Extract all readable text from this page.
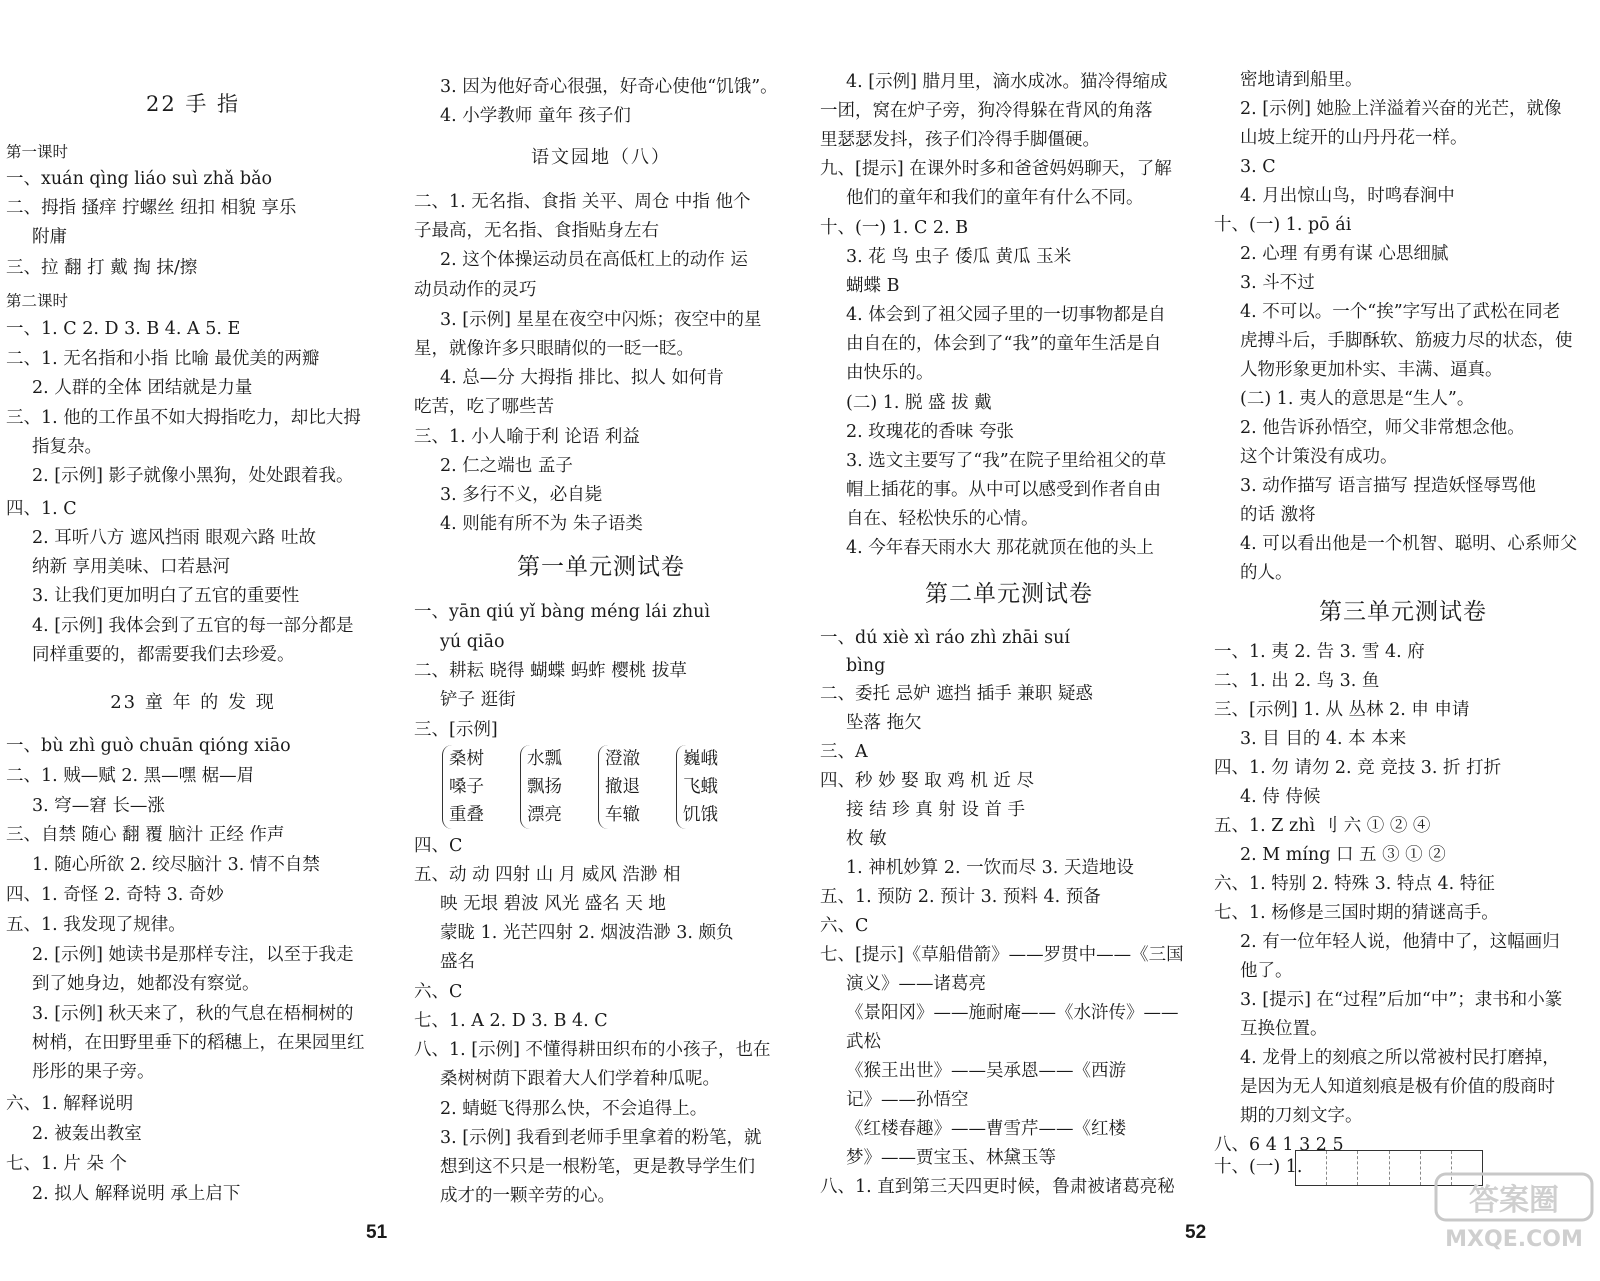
22 手 指
第一课时
一、xuán qìng liáo suì zhǎ bǎo
二、拇指 搔痒 拧螺丝 纽扣 相貌 享乐
附庸
三、拉 翻 打 戴 掏 抹/擦
第二课时
一、1. C 2. D 3. B 4. A 5. E
二、1. 无名指和小指 比喻 最优美的两瓣
2. 人群的全体 团结就是力量
三、1. 他的工作虽不如大拇指吃力，却比大拇
指复杂。
2. [示例] 影子就像小黑狗，处处跟着我。
四、1. C
2. 耳听八方 遮风挡雨 眼观六路 吐故
纳新 享用美味、口若悬河
3. 让我们更加明白了五官的重要性
4. [示例] 我体会到了五官的每一部分都是
同样重要的，都需要我们去珍爱。
23 童 年 的 发 现
一、bù zhì guò chuān qióng xiāo
二、1. 贼—赋 2. 黑—嘿 椐—眉
3. 穹—窘 长—涨
三、自禁 随心 翻 覆 脑汁 正经 作声
1. 随心所欲 2. 绞尽脑汁 3. 情不自禁
四、1. 奇怪 2. 奇特 3. 奇妙
五、1. 我发现了规律。
2. [示例] 她读书是那样专注，以至于我走
到了她身边，她都没有察觉。
3. [示例] 秋天来了，秋的气息在梧桐树的
树梢，在田野里垂下的稻穗上，在果园里红
彤彤的果子旁。
六、1. 解释说明
2. 被轰出教室
七、1. 片 朵 个
2. 拟人 解释说明 承上启下
桑树
嗓子
重叠
水瓢
飘扬
漂亮
澄澈
撤退
车辙
巍峨
飞蛾
饥饿
3. 因为他好奇心很强，好奇心使他“饥饿”。
4. 小学教师 童年 孩子们
语文园地（八）
二、1. 无名指、食指 关平、周仓 中指 他个
子最高，无名指、食指贴身左右
2. 这个体操运动员在高低杠上的动作 运
动员动作的灵巧
3. [示例] 星星在夜空中闪烁；夜空中的星
星，就像许多只眼睛似的一眨一眨。
4. 总—分 大拇指 排比、拟人 如何肯
吃苦，吃了哪些苦
三、1. 小人喻于利 论语 利益
2. 仁之端也 孟子
3. 多行不义，必自毙
4. 则能有所不为 朱子语类
第一单元测试卷
一、yān qiú yǐ bàng méng lái zhuì
yú qiāo
二、耕耘 晓得 蝴蝶 蚂蚱 樱桃 拔草
铲子 逛街
三、[示例]
四、C
五、动 动 四射 山 月 威风 浩渺 相
映 无垠 碧波 风光 盛名 天 地
蒙眬 1. 光芒四射 2. 烟波浩渺 3. 颇负
盛名
六、C
七、1. A 2. D 3. B 4. C
八、1. [示例] 不懂得耕田织布的小孩子，也在
桑树树荫下跟着大人们学着种瓜呢。
2. 蜻蜓飞得那么快，不会追得上。
3. [示例] 我看到老师手里拿着的粉笔，就
想到这不只是一根粉笔，更是教导学生们
成才的一颗辛劳的心。
4. [示例] 腊月里，滴水成冰。猫冷得缩成
一团，窝在炉子旁，狗冷得躲在背风的角落
里瑟瑟发抖，孩子们冷得手脚僵硬。
九、[提示] 在课外时多和爸爸妈妈聊天，了解
他们的童年和我们的童年有什么不同。
十、(一) 1. C 2. B
3. 花 鸟 虫子 倭瓜 黄瓜 玉米
蝴蝶 B
4. 体会到了祖父园子里的一切事物都是自
由自在的，体会到了“我”的童年生活是自
由快乐的。
(二) 1. 脱 盛 拔 戴
2. 玫瑰花的香味 夸张
3. 选文主要写了“我”在院子里给祖父的草
帽上插花的事。从中可以感受到作者自由
自在、轻松快乐的心情。
4. 今年春天雨水大 那花就顶在他的头上
第二单元测试卷
一、dú xiè xì ráo zhì zhāi suí
bìng
二、委托 忌妒 遮挡 插手 兼职 疑惑
坠落 拖欠
三、A
四、秒 妙 娶 取 鸡 机 近 尽
接 结 珍 真 射 设 首 手
枚 敏
1. 神机妙算 2. 一饮而尽 3. 天造地设
五、1. 预防 2. 预计 3. 预料 4. 预备
六、C
七、[提示]《草船借箭》——罗贯中——《三国
演义》——诸葛亮
《景阳冈》——施耐庵——《水浒传》——
武松
《猴王出世》——吴承恩——《西游
记》——孙悟空
《红楼春趣》——曹雪芹——《红楼
梦》——贾宝玉、林黛玉等
八、1. 直到第三天四更时候，鲁肃被诸葛亮秘
密地请到船里。
2. [示例] 她脸上洋溢着兴奋的光芒，就像
山坡上绽开的山丹丹花一样。
3. C
4. 月出惊山鸟，时鸣春涧中
十、(一) 1. pō ái
2. 心理 有勇有谋 心思细腻
3. 斗不过
4. 不可以。一个“挨”字写出了武松在同老
虎搏斗后，手脚酥软、筋疲力尽的状态，使
人物形象更加朴实、丰满、逼真。
(二) 1. 夷人的意思是“生人”。
2. 他告诉孙悟空，师父非常想念他。
这个计策没有成功。
3. 动作描写 语言描写 捏造妖怪辱骂他
的话 激将
4. 可以看出他是一个机智、聪明、心系师父
的人。
第三单元测试卷
一、1. 夷 2. 告 3. 雪 4. 府
二、1. 出 2. 鸟 3. 鱼
三、[示例] 1. 从 丛林 2. 申 申请
3. 目 目的 4. 本 本来
四、1. 勿 请勿 2. 竞 竞技 3. 折 打折
4. 侍 侍候
五、1. Z zhì 刂 六 ① ② ④
2. M míng 口 五 ③ ① ②
六、1. 特别 2. 特殊 3. 特点 4. 特征
七、1. 杨修是三国时期的猜谜高手。
2. 有一位年轻人说，他猜中了，这幅画归
他了。
3. [提示] 在“过程”后加“中”；隶书和小篆
互换位置。
4. 龙骨上的刻痕之所以常被村民打磨掉，
是因为无人知道刻痕是极有价值的殷商时
期的刀刻文字。
八、6 4 1 3 2 5
十、(一) 1.
51	52
答案圈
MXQE.COM
